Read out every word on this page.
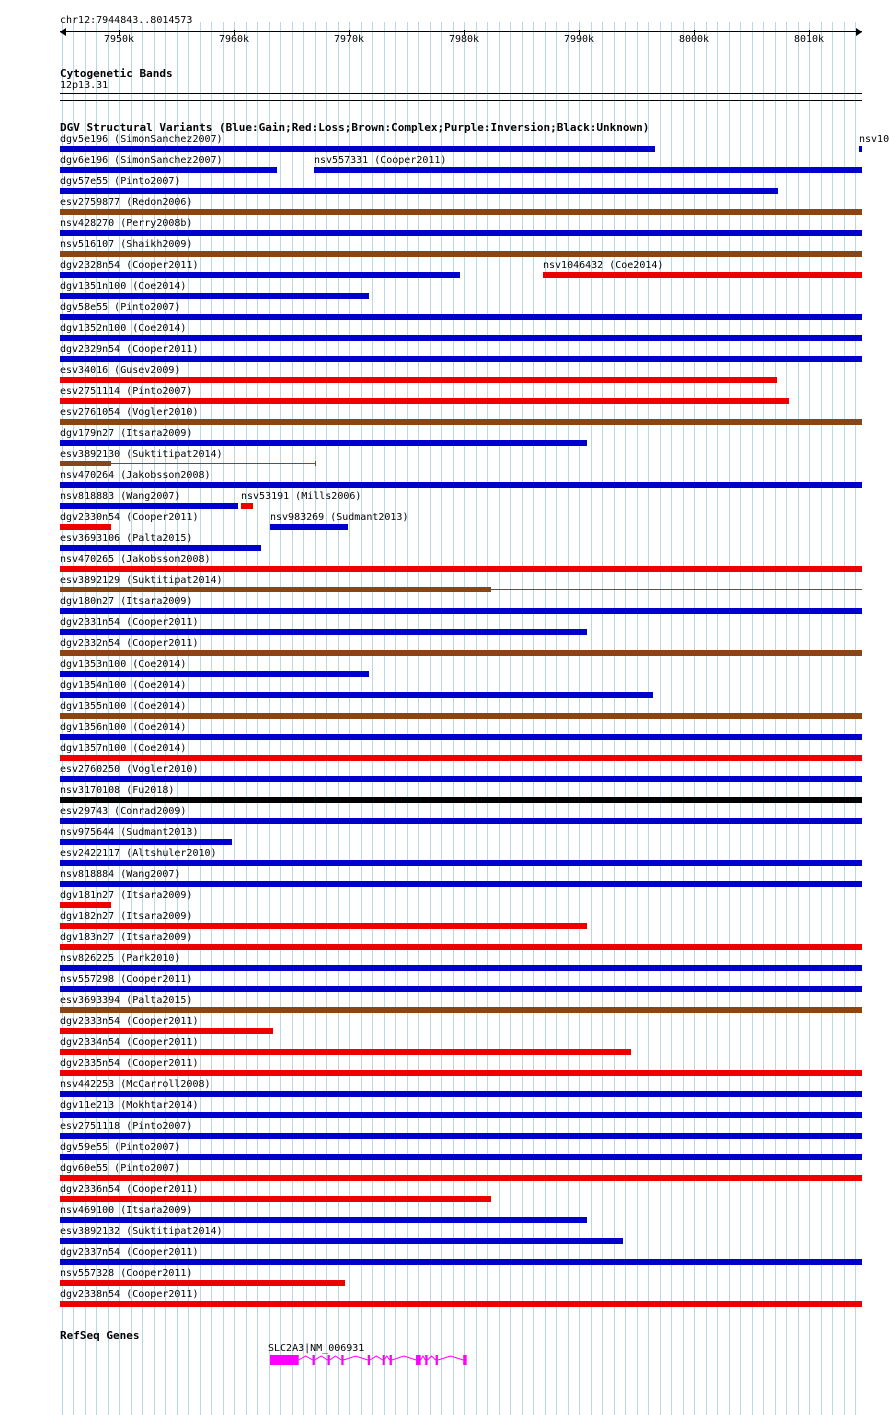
chr12:7944843..8014573
7950k	7960k	7970k	7980k	7990k	8000k	8010k
Cytogenetic Bands
12p13.31
DGV Structural Variants (Blue:Gain;Red:Loss;Brown:Complex;Purple:Inversion;Black:Unknown)
dgv5e196 (SimonSanchez2007)	nsv10
dgv6e196 (SimonSanchez2007)	nsv557331 (Cooper2011)
dgv57e55 (Pinto2007)
esv2759877 (Redon2006)
nsv428270 (Perry2008b)
nsv516107 (Shaikh2009)
dgv2328n54 (Cooper2011)	nsv1046432 (Coe2014)
dgv1351n100 (Coe2014)
dgv58e55 (Pinto2007)
dgv1352n100 (Coe2014)
dgv2329n54 (Cooper2011)
esv34016 (Gusev2009)
esv2751114 (Pinto2007)
esv2761054 (Vogler2010)
dgv179n27 (Itsara2009)
esv3892130 (Suktitipat2014)
nsv470264 (Jakobsson2008)
nsv818883 (Wang2007)	nsv53191 (Mills2006)
dgv2330n54 (Cooper2011)	nsv983269 (Sudmant2013)
esv3693106 (Palta2015)
nsv470265 (Jakobsson2008)
esv3892129 (Suktitipat2014)
dgv180n27 (Itsara2009)
dgv2331n54 (Cooper2011)
dgv2332n54 (Cooper2011)
dgv1353n100 (Coe2014)
dgv1354n100 (Coe2014)
dgv1355n100 (Coe2014)
dgv1356n100 (Coe2014)
dgv1357n100 (Coe2014)
esv2760250 (Vogler2010)
nsv3170108 (Fu2018)
esv29743 (Conrad2009)
nsv975644 (Sudmant2013)
esv2422117 (Altshuler2010)
nsv818884 (Wang2007)
dgv181n27 (Itsara2009)
dgv182n27 (Itsara2009)
dgv183n27 (Itsara2009)
nsv826225 (Park2010)
nsv557298 (Cooper2011)
esv3693394 (Palta2015)
dgv2333n54 (Cooper2011)
dgv2334n54 (Cooper2011)
dgv2335n54 (Cooper2011)
nsv442253 (McCarroll2008)
dgv11e213 (Mokhtar2014)
esv2751118 (Pinto2007)
dgv59e55 (Pinto2007)
dgv60e55 (Pinto2007)
dgv2336n54 (Cooper2011)
nsv469100 (Itsara2009)
esv3892132 (Suktitipat2014)
dgv2337n54 (Cooper2011)
nsv557328 (Cooper2011)
dgv2338n54 (Cooper2011)
RefSeq Genes
SLC2A3|NM_006931
